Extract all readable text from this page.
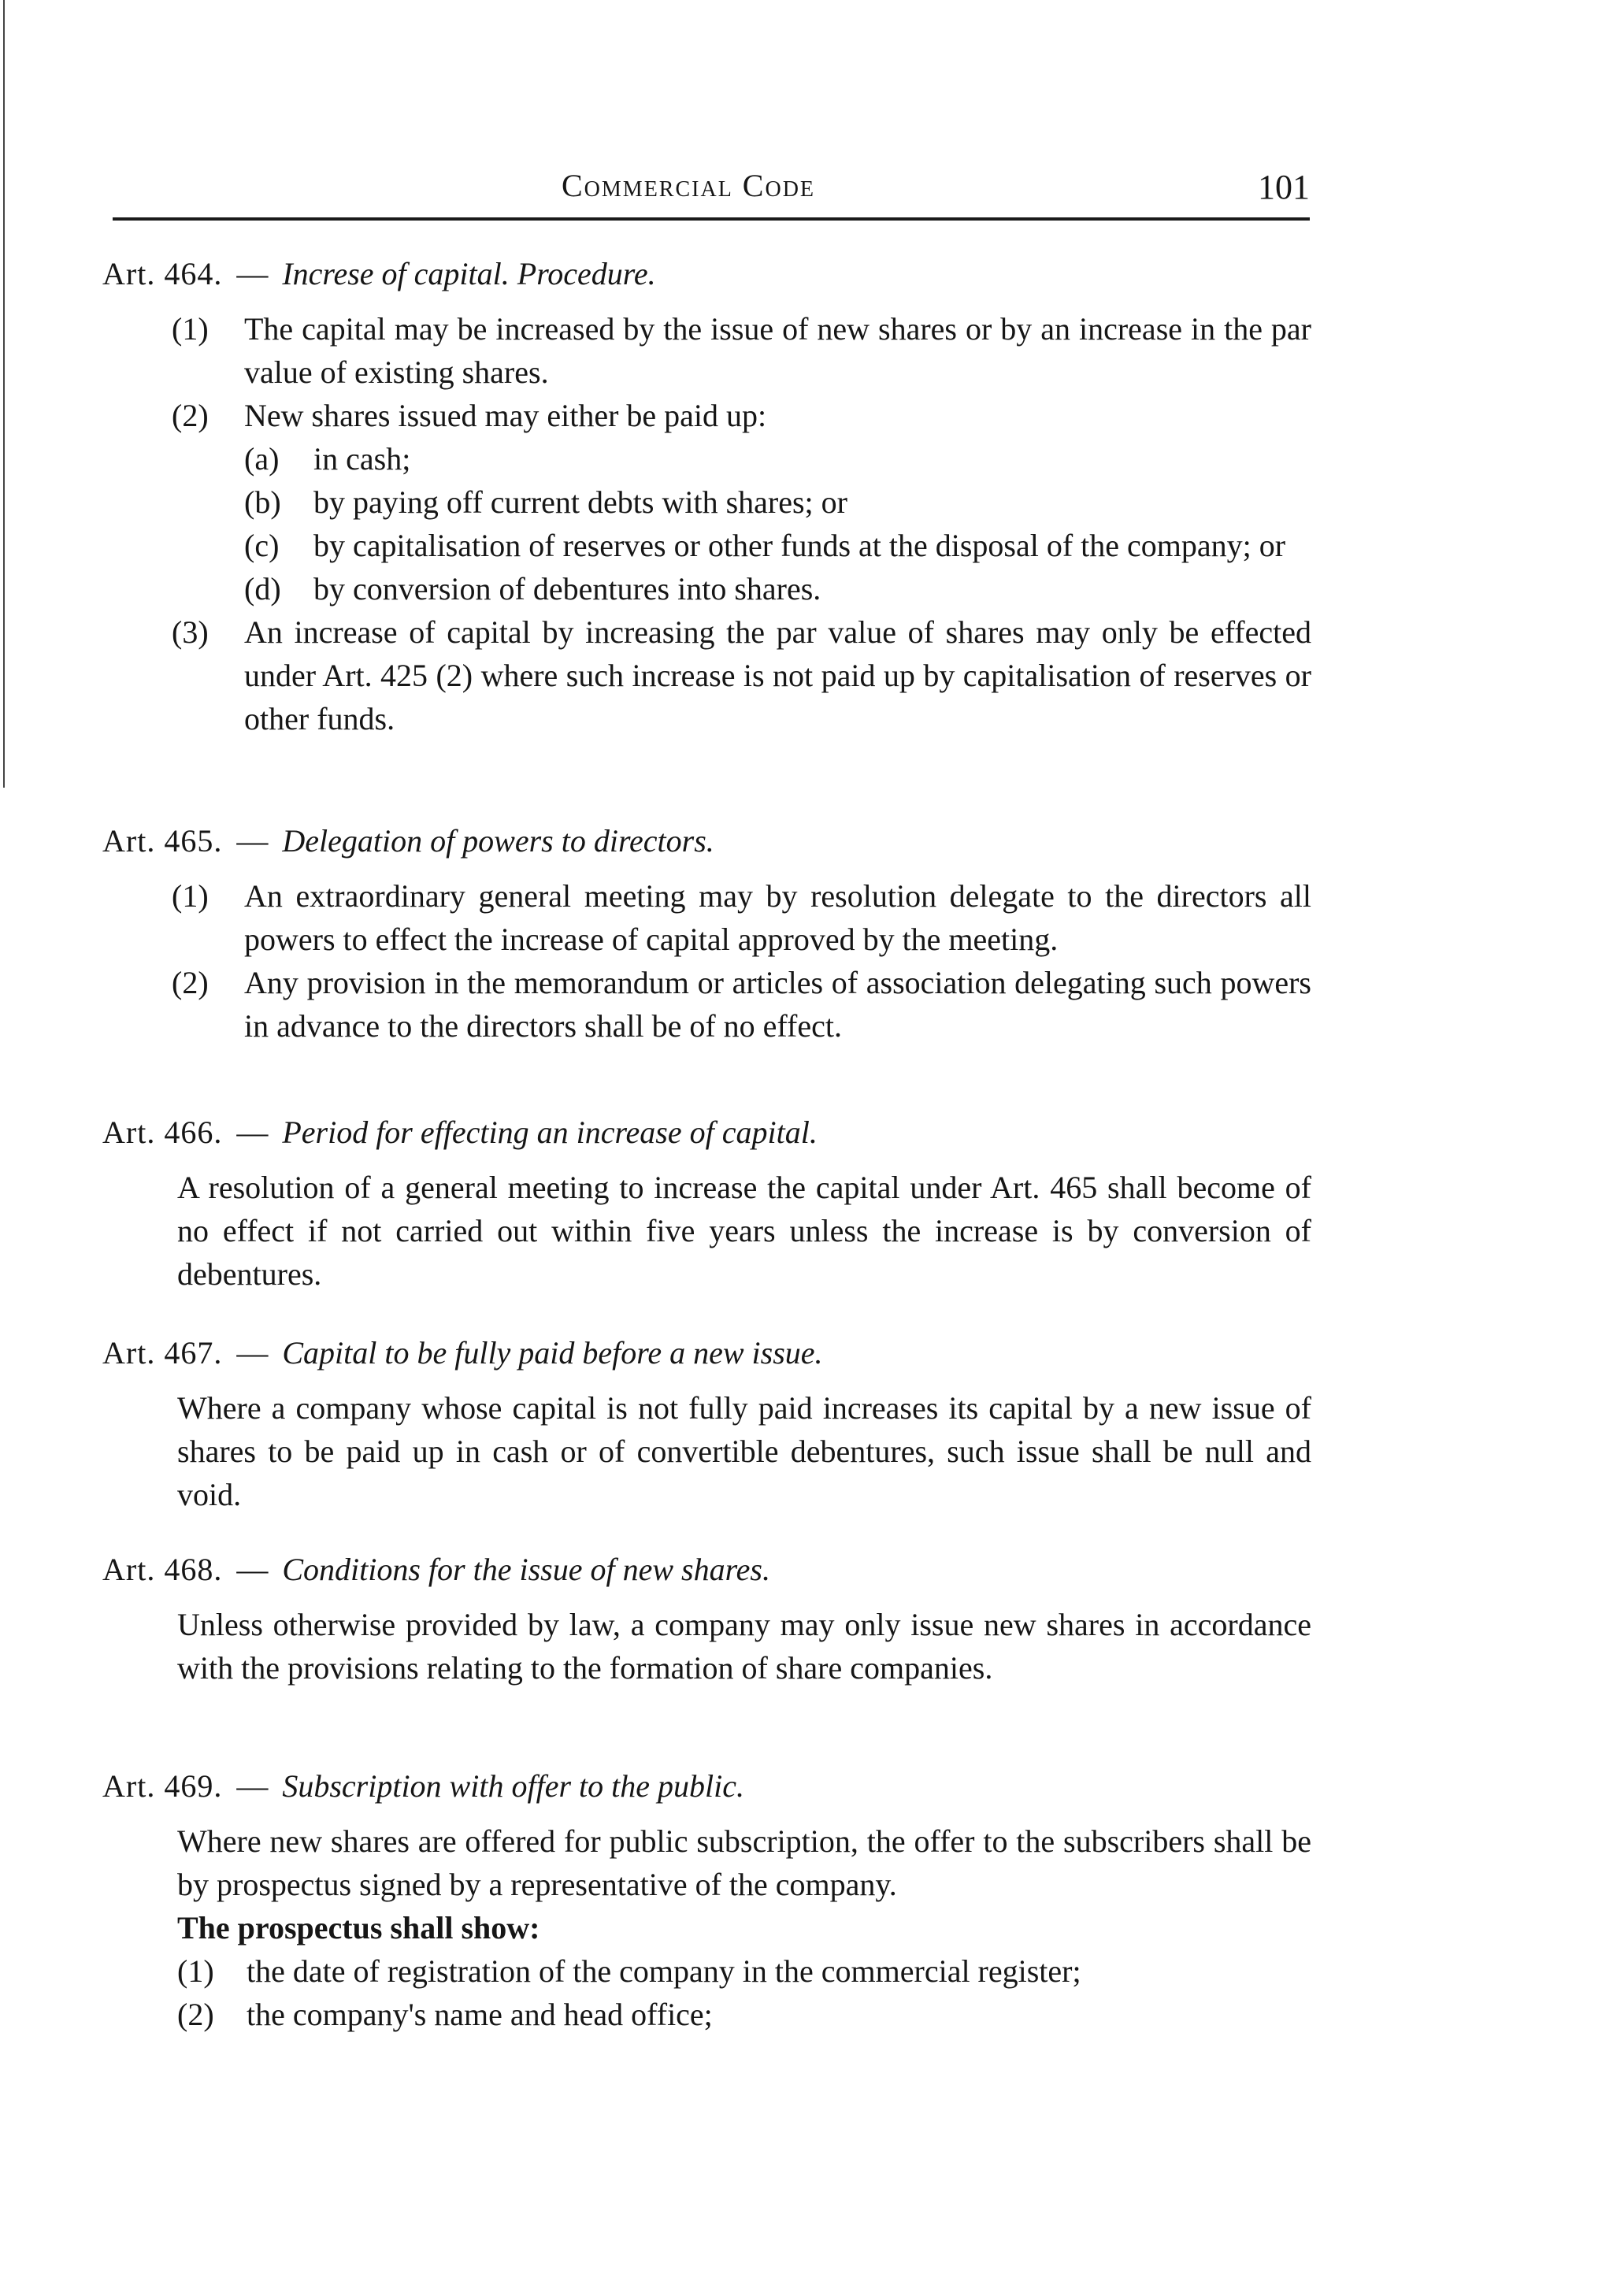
Commercial Code	101
Art. 464. — Increse of capital. Procedure.
(1) The capital may be increased by the issue of new shares or by an increase in the par value of existing shares.
(2) New shares issued may either be paid up:
(a) in cash;
(b) by paying off current debts with shares; or
(c) by capitalisation of reserves or other funds at the disposal of the company; or
(d) by conversion of debentures into shares.
(3) An increase of capital by increasing the par value of shares may only be effected under Art. 425 (2) where such increase is not paid up by capitalisation of reserves or other funds.
Art. 465. — Delegation of powers to directors.
(1) An extraordinary general meeting may by resolution delegate to the directors all powers to effect the increase of capital approved by the meeting.
(2) Any provision in the memorandum or articles of association delegating such powers in advance to the directors shall be of no effect.
Art. 466. — Period for effecting an increase of capital.
A resolution of a general meeting to increase the capital under Art. 465 shall become of no effect if not carried out within five years unless the increase is by conversion of debentures.
Art. 467. — Capital to be fully paid before a new issue.
Where a company whose capital is not fully paid increases its capital by a new issue of shares to be paid up in cash or of convertible debentures, such issue shall be null and void.
Art. 468. — Conditions for the issue of new shares.
Unless otherwise provided by law, a company may only issue new shares in accordance with the provisions relating to the formation of share companies.
Art. 469. — Subscription with offer to the public.
Where new shares are offered for public subscription, the offer to the subscribers shall be by prospectus signed by a representative of the company.
The prospectus shall show:
(1) the date of registration of the company in the commercial register;
(2) the company's name and head office;
